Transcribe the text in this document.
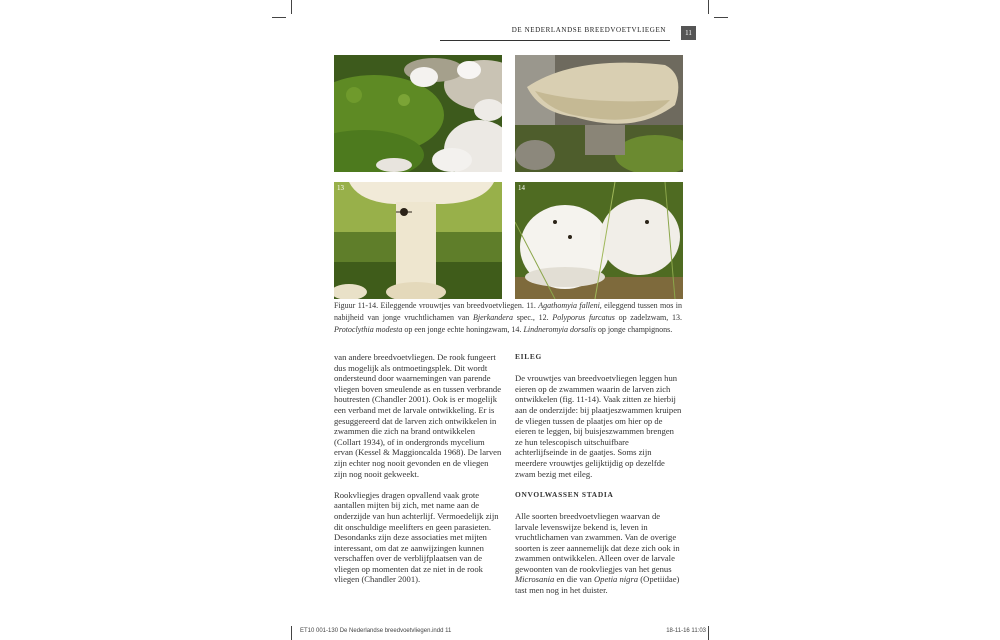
DE NEDERLANDSE BREEDVOETVLIEGEN	11
13	14
Figuur 11-14. Eileggende vrouwtjes van breedvoetvliegen. 11. Agathomyia falleni, eileggend tussen mos in nabijheid van jonge vruchtlichamen van Bjerkandera spec., 12. Polyporus furcatus op zadelzwam, 13. Protoclythia modesta op een jonge echte honingzwam, 14. Lindneromyia dorsalis op jonge champignons.

van andere breedvoetvliegen. De rook fungeert dus mogelijk als ontmoetingsplek. Dit wordt ondersteund door waarnemingen van parende vliegen boven smeulende as en tussen verbrande houtresten (Chandler 2001). Ook is er mogelijk een verband met de larvale ontwikkeling. Er is gesuggereerd dat de larven zich ontwikkelen in zwammen die zich na brand ontwikkelen (Collart 1934), of in ondergronds mycelium ervan (Kessel & Maggioncalda 1968). De larven zijn echter nog nooit gevonden en de vliegen zijn nog nooit gekweekt.

Rookvliegjes dragen opvallend vaak grote aantallen mijten bij zich, met name aan de onderzijde van hun achterlijf. Vermoedelijk zijn dit onschuldige meelifters en geen parasieten. Desondanks zijn deze associaties met mijten interessant, om dat ze aanwijzingen kunnen verschaffen over de verblijfplaatsen van de vliegen op momenten dat ze niet in de rook vliegen (Chandler 2001).

EILEG

De vrouwtjes van breedvoetvliegen leggen hun eieren op de zwammen waarin de larven zich ontwikkelen (fig. 11-14). Vaak zitten ze hierbij aan de onderzijde: bij plaatjeszwammen kruipen de vliegen tussen de plaatjes om hier op de eieren te leggen, bij buisjeszwammen brengen ze hun telescopisch uitschuifbare achterlijfseinde in de gaatjes. Soms zijn meerdere vrouwtjes gelijktijdig op dezelfde zwam bezig met eileg.

ONVOLWASSEN STADIA

Alle soorten breedvoetvliegen waarvan de larvale levenswijze bekend is, leven in vruchtlichamen van zwammen. Van de overige soorten is zeer aannemelijk dat deze zich ook in zwammen ontwikkelen. Alleen over de larvale gewoonten van de rookvliegjes van het genus Microsania en die van Opetia nigra (Opetiidae) tast men nog in het duister.

ET10 001-130 De Nederlandse breedvoetvliegen.indd 11	18-11-16 11:03
